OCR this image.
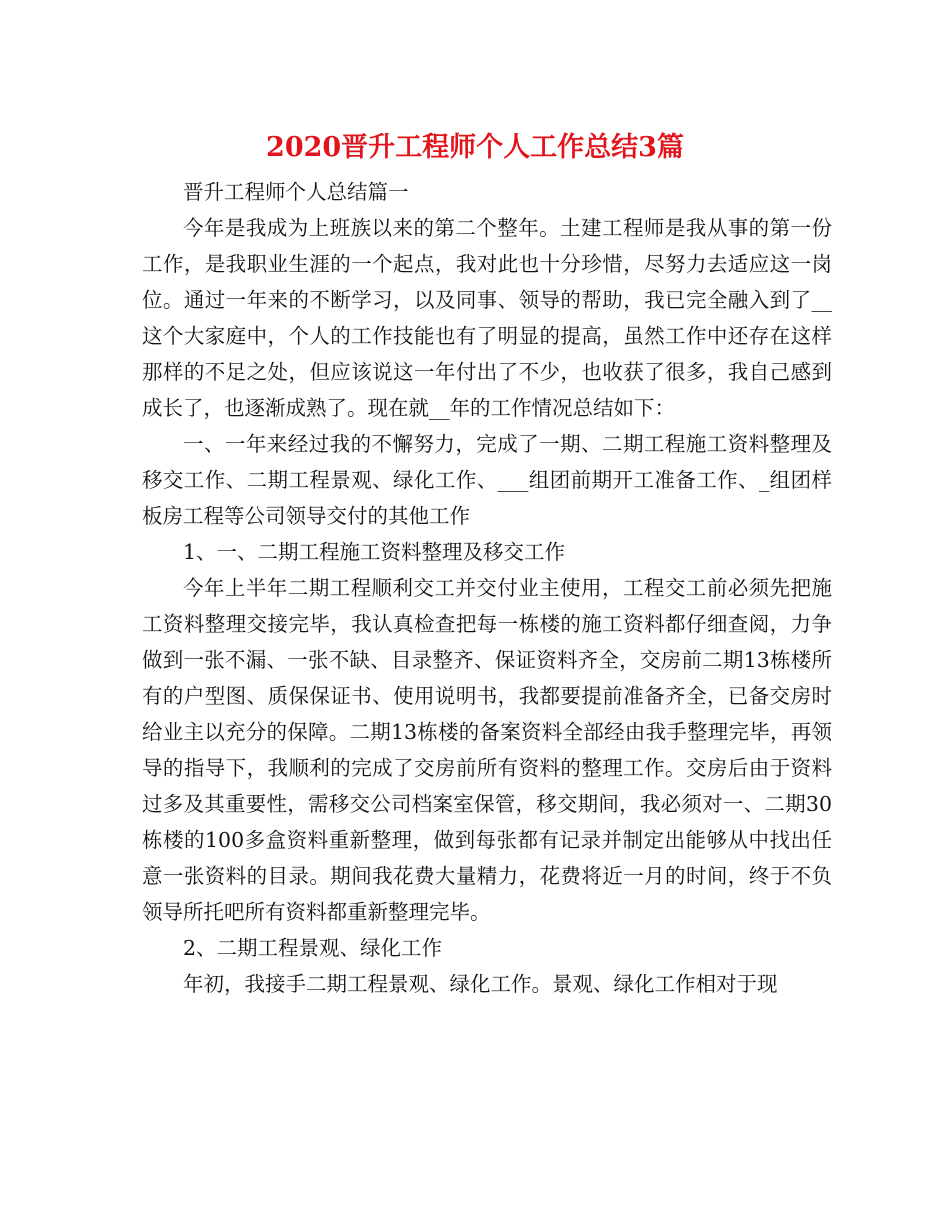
2020晋升工程师个人工作总结3篇

晋升工程师个人总结篇一

今年是我成为上班族以来的第二个整年。土建工程师是我从事的第一份工作，是我职业生涯的一个起点，我对此也十分珍惜，尽努力去适应这一岗位。通过一年来的不断学习，以及同事、领导的帮助，我已完全融入到了__这个大家庭中，个人的工作技能也有了明显的提高，虽然工作中还存在这样那样的不足之处，但应该说这一年付出了不少，也收获了很多，我自己感到成长了，也逐渐成熟了。现在就__年的工作情况总结如下：

一、一年来经过我的不懈努力，完成了一期、二期工程施工资料整理及移交工作、二期工程景观、绿化工作、___组团前期开工准备工作、_组团样板房工程等公司领导交付的其他工作

1、一、二期工程施工资料整理及移交工作

今年上半年二期工程顺利交工并交付业主使用，工程交工前必须先把施工资料整理交接完毕，我认真检查把每一栋楼的施工资料都仔细查阅，力争做到一张不漏、一张不缺、目录整齐、保证资料齐全，交房前二期13栋楼所有的户型图、质保保证书、使用说明书，我都要提前准备齐全，已备交房时给业主以充分的保障。二期13栋楼的备案资料全部经由我手整理完毕，再领导的指导下，我顺利的完成了交房前所有资料的整理工作。交房后由于资料过多及其重要性，需移交公司档案室保管，移交期间，我必须对一、二期30栋楼的100多盒资料重新整理，做到每张都有记录并制定出能够从中找出任意一张资料的目录。期间我花费大量精力，花费将近一月的时间，终于不负领导所托吧所有资料都重新整理完毕。

2、二期工程景观、绿化工作

年初，我接手二期工程景观、绿化工作。景观、绿化工作相对于现
